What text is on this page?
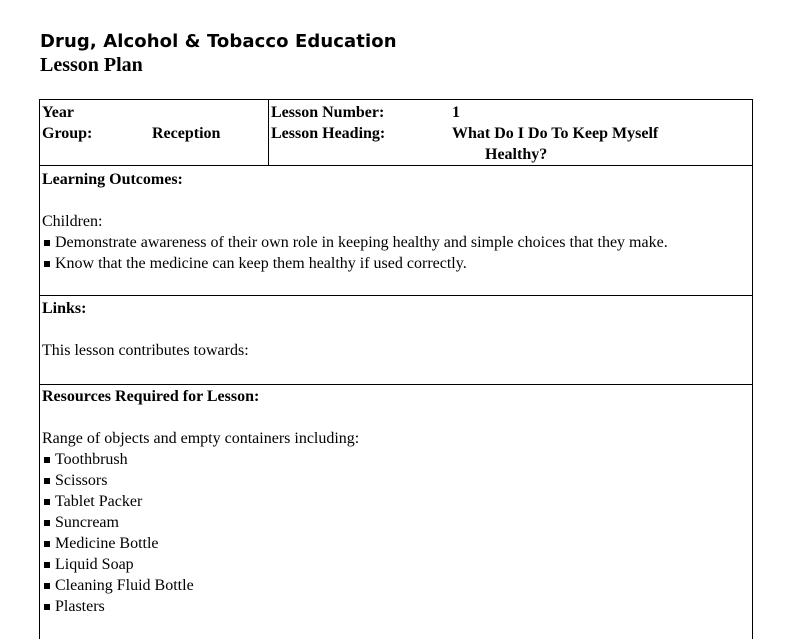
Drug, Alcohol & Tobacco Education
Lesson Plan
Year
Group:	Reception
Lesson Number:	1
Lesson Heading:	What Do I Do To Keep Myself
Healthy?
Learning Outcomes:
Children:
Demonstrate awareness of their own role in keeping healthy and simple choices that they make.
Know that the medicine can keep them healthy if used correctly.
Links:
This lesson contributes towards:
Resources Required for Lesson:
Range of objects and empty containers including:
Toothbrush
Scissors
Tablet Packer
Suncream
Medicine Bottle
Liquid Soap
Cleaning Fluid Bottle
Plasters
